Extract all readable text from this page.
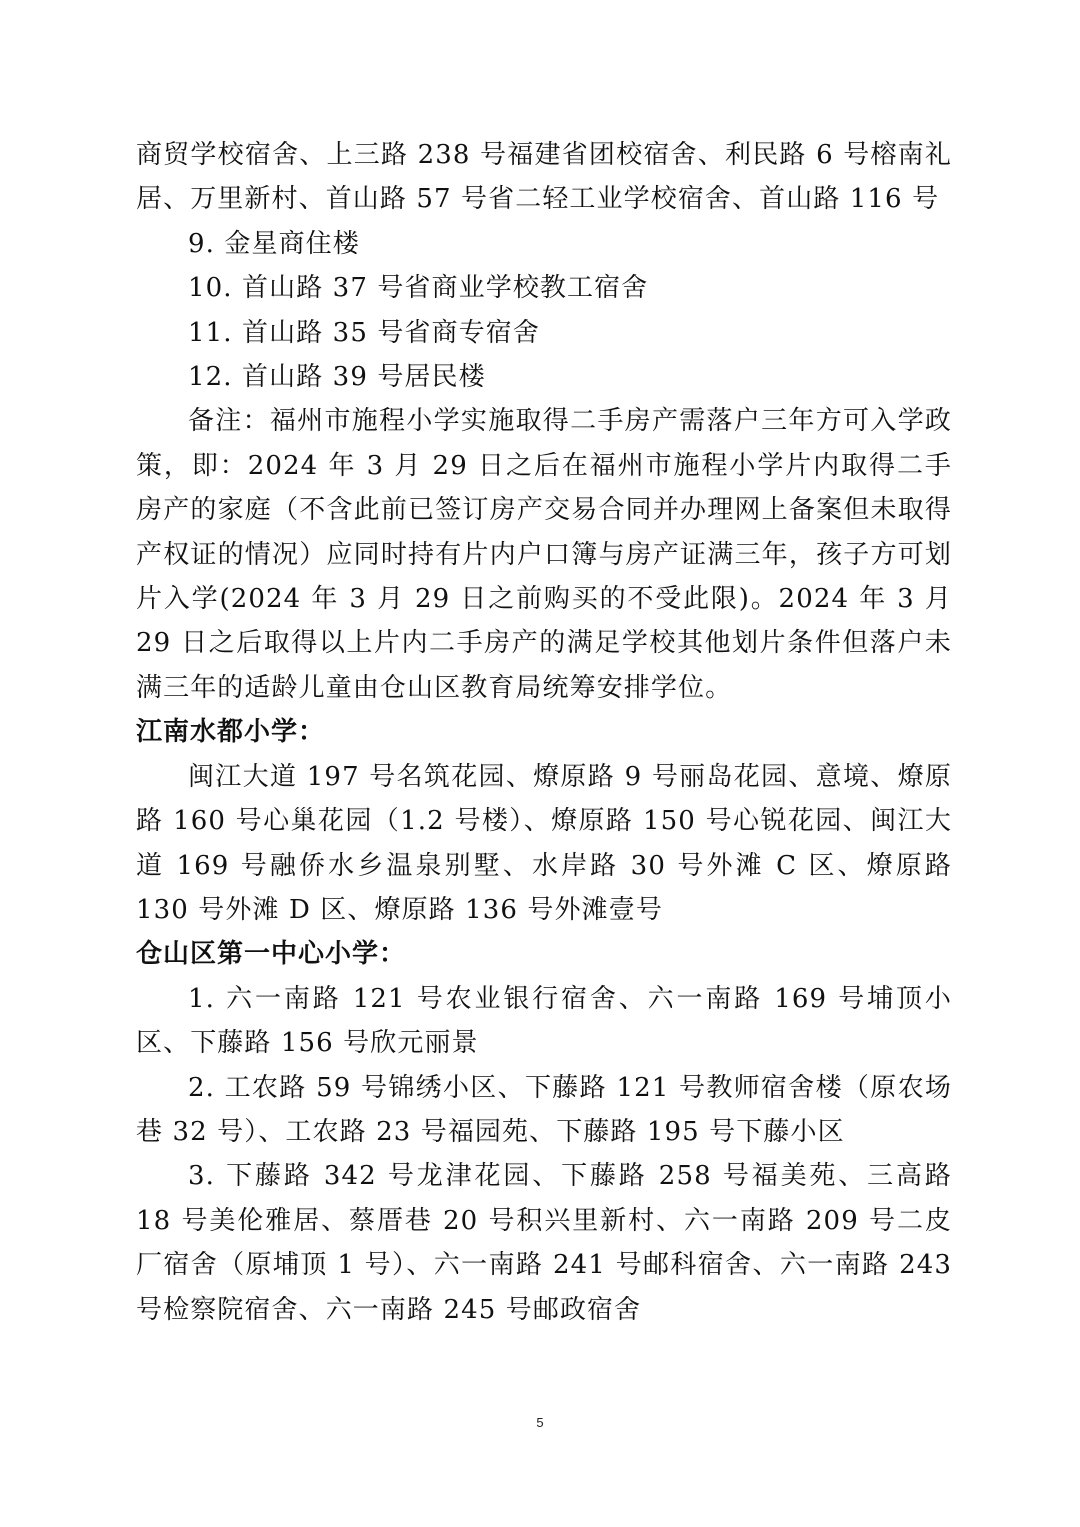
商贸学校宿舍、上三路 238 号福建省团校宿舍、利民路 6 号榕南礼居、万里新村、首山路 57 号省二轻工业学校宿舍、首山路 116 号

9. 金星商住楼

10. 首山路 37 号省商业学校教工宿舍

11. 首山路 35 号省商专宿舍

12. 首山路 39 号居民楼

备注：福州市施程小学实施取得二手房产需落户三年方可入学政策，即：2024 年 3 月 29 日之后在福州市施程小学片内取得二手房产的家庭（不含此前已签订房产交易合同并办理网上备案但未取得产权证的情况）应同时持有片内户口簿与房产证满三年，孩子方可划片入学(2024 年 3 月 29 日之前购买的不受此限)。2024 年 3 月 29 日之后取得以上片内二手房产的满足学校其他划片条件但落户未满三年的适龄儿童由仓山区教育局统筹安排学位。

江南水都小学：

闽江大道 197 号名筑花园、燎原路 9 号丽岛花园、意境、燎原路 160 号心巢花园（1.2 号楼）、燎原路 150 号心锐花园、闽江大道 169 号融侨水乡温泉别墅、水岸路 30 号外滩 C 区、燎原路 130 号外滩 D 区、燎原路 136 号外滩壹号

仓山区第一中心小学：

1. 六一南路 121 号农业银行宿舍、六一南路 169 号埔顶小区、下藤路 156 号欣元丽景

2. 工农路 59 号锦绣小区、下藤路 121 号教师宿舍楼（原农场巷 32 号）、工农路 23 号福园苑、下藤路 195 号下藤小区

3. 下藤路 342 号龙津花园、下藤路 258 号福美苑、三高路 18 号美伦雅居、蔡厝巷 20 号积兴里新村、六一南路 209 号二皮厂宿舍（原埔顶 1 号）、六一南路 241 号邮科宿舍、六一南路 243 号检察院宿舍、六一南路 245 号邮政宿舍

5
